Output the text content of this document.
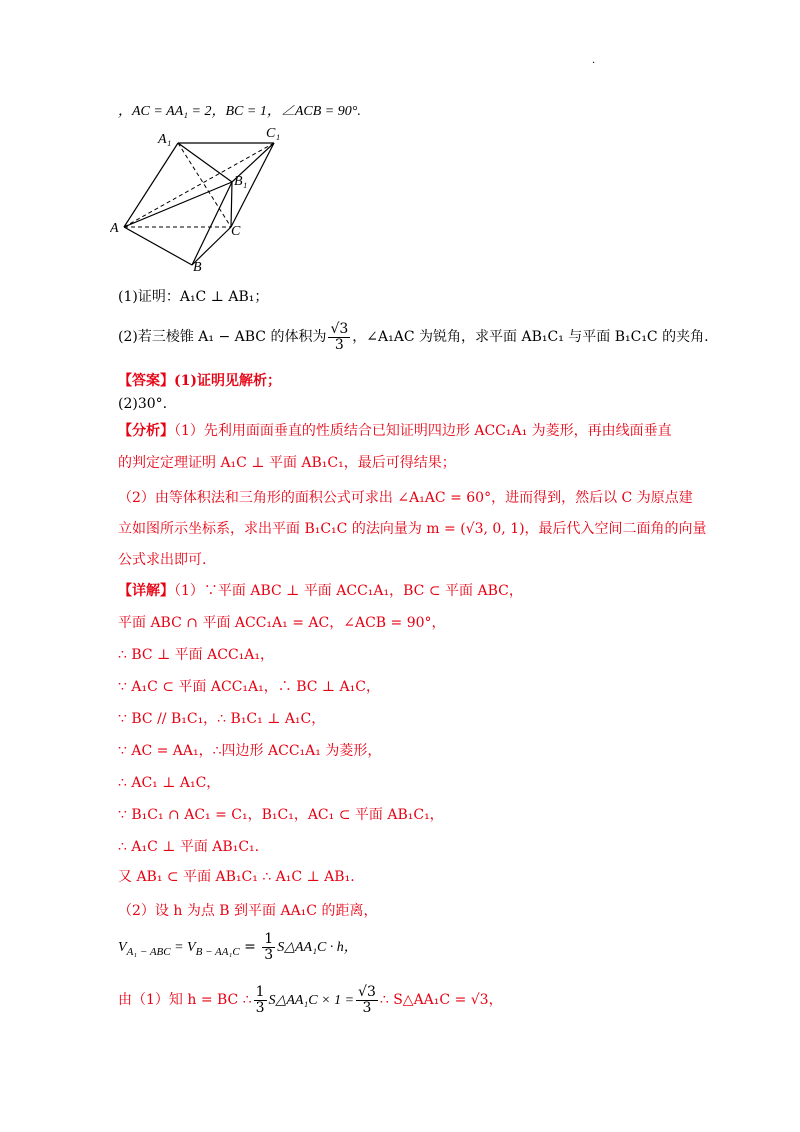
·
，AC = AA₁ = 2，BC = 1，∠ACB = 90°.
A₁	C₁
B₁
A	C
B
(1)证明：A₁C ⊥ AB₁；
(2)若三棱锥 A₁ − ABC 的体积为 $\frac{√3}{3}$ ，∠A₁AC 为锐角，求平面 AB₁C₁ 与平面 B₁C₁C 的夹角.
【答案】(1)证明见解析；
(2)30°.
【分析】（1）先利用面面垂直的性质结合已知证明四边形 ACC₁A₁ 为菱形，再由线面垂直
的判定定理证明 A₁C ⊥ 平面 AB₁C₁，最后可得结果；
（2）由等体积法和三角形的面积公式可求出 ∠A₁AC = 60°，进而得到，然后以 C 为原点建
立如图所示坐标系，求出平面 B₁C₁C 的法向量为 m = (√3, 0, 1)，最后代入空间二面角的向量
公式求出即可.
【详解】（1）∵平面 ABC ⊥ 平面 ACC₁A₁，BC ⊂ 平面 ABC，
平面 ABC ∩ 平面 ACC₁A₁ = AC，∠ACB = 90°，
∴ BC ⊥ 平面 ACC₁A₁，
∵ A₁C ⊂ 平面 ACC₁A₁，∴ BC ⊥ A₁C，
∵ BC // B₁C₁，∴ B₁C₁ ⊥ A₁C，
∵ AC = AA₁，∴四边形 ACC₁A₁ 为菱形，
∴ AC₁ ⊥ A₁C，
∵ B₁C₁ ∩ AC₁ = C₁，B₁C₁，AC₁ ⊂ 平面 AB₁C₁，
∴ A₁C ⊥ 平面 AB₁C₁.
又 AB₁ ⊂ 平面 AB₁C₁ ∴ A₁C ⊥ AB₁.
（2）设 h 为点 B 到平面 AA₁C 的距离，
$V_{A_1 - ABC} = V_{B - AA_1C} = \frac{1}{3}$ S△AA₁C · h，
由（1）知 h = BC ∴ $\frac{1}{3}$ S△AA₁C × $1 = \frac{√3}{3}$ ∴ S△AA₁C = √3，
